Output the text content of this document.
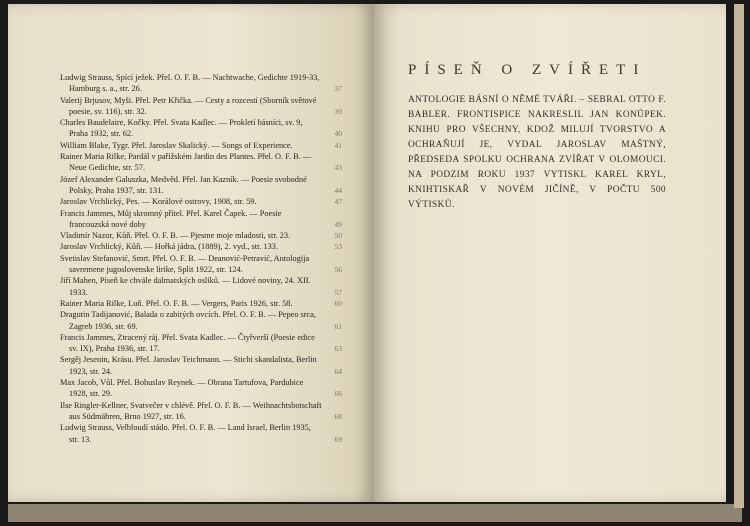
Ludwig Strauss, Spící ježek. Přel. O. F. B. — Nachtwache, Gedichte 1919-33, Hamburg s. a., str. 26.	37
Valerij Brjusov, Myši. Přel. Petr Křička. — Cesty a rozcestí (Sborník světové poesie, sv. 116), str. 32.	39
Charles Baudelaire, Kočky. Přel. Svata Kadlec. — Prokletí básníci, sv. 9, Praha 1932, str. 62.	40
William Blake, Tygr. Přel. Jaroslav Skalický. — Songs of Experience.	41
Rainer Maria Rilke, Pardál v pařížském Jardin des Plantes. Přel. O. F. B. — Neue Gedichte, str. 57.	43
Józef Alexander Galuszka, Medvěd. Přel. Jan Kazník. — Poesie svobodné Polsky, Praha 1937, str. 131.	44
Jaroslav Vrchlický, Pes. — Korálové ostrovy, 1908, str. 59.	47
Francis Jammes, Můj skromný přítel. Přel. Karel Čapek. — Poesie francouzská nové doby	49
Vladimír Nazor, Kůň. Přel. O. F. B. — Pjesme moje mladosti, str. 23.	50
Jaroslav Vrchlický, Kůň. — Hořká jádra, (1889), 2. vyd., str. 133.	53
Svetislav Stefanović, Smrt. Přel. O. F. B. — Deanović-Petravić, Antologija savremene jugoslovenske lirike, Split 1922, str. 124.	56
Jiří Mahen, Píseň ke chvále dalmatských oslíků. — Lidové noviny, 24. XII. 1933.	57
Rainer Maria Rilke, Luň. Přel. O. F. B. — Vergers, Paris 1926, str. 58.	60
Dragutin Tadijanović, Balada o zabitých ovcích. Přel. O. F. B. — Pepeo srca, Zagreb 1936, str. 69.	61
Francis Jammes, Ztracený ráj. Přel. Svata Kadlec. — Čtyřverší (Poesie edice sv. IX), Praha 1936, str. 17.	63
Sergěj Jesenin, Krásu. Přel. Jaroslav Teichmann. — Stichi skandalista, Berlin 1923, str. 24.	64
Max Jacob, Vůl. Přel. Bohuslav Reynek. — Obrana Tartufova, Pardubice 1928, str. 29.	66
Ilse Ringler-Kellner, Svatvečer v chlévě. Přel. O. F. B. — Weihnachtsbotschaft aus Südmähren, Brno 1927, str. 16.	68
Ludwig Strauss, Velbloudí stádo. Přel. O. F. B. — Land Israel, Berlin 1935, str. 13.	69
PÍSEŇ O ZVÍŘETI
ANTOLOGIE BÁSNÍ O NĚMÉ TVÁŘI. – SEBRAL OTTO F. BABLER. FRONTISPICE NAKRESLIL JAN KONŮPEK. KNIHU PRO VŠECHNY, KDOŽ MILUJÍ TVORSTVO A OCHRAŇUJÍ JE, VYDAL JAROSLAV MAŠTNÝ, PŘEDSEDA SPOLKU OCHRANA ZVÍŘAT V OLOMOUCI. NA PODZIM ROKU 1937 VYTISKL KAREL KRYL, KNIHTISKAŘ V NOVÉM JIČÍNĚ, V POČTU 500 VÝTISKŮ.
